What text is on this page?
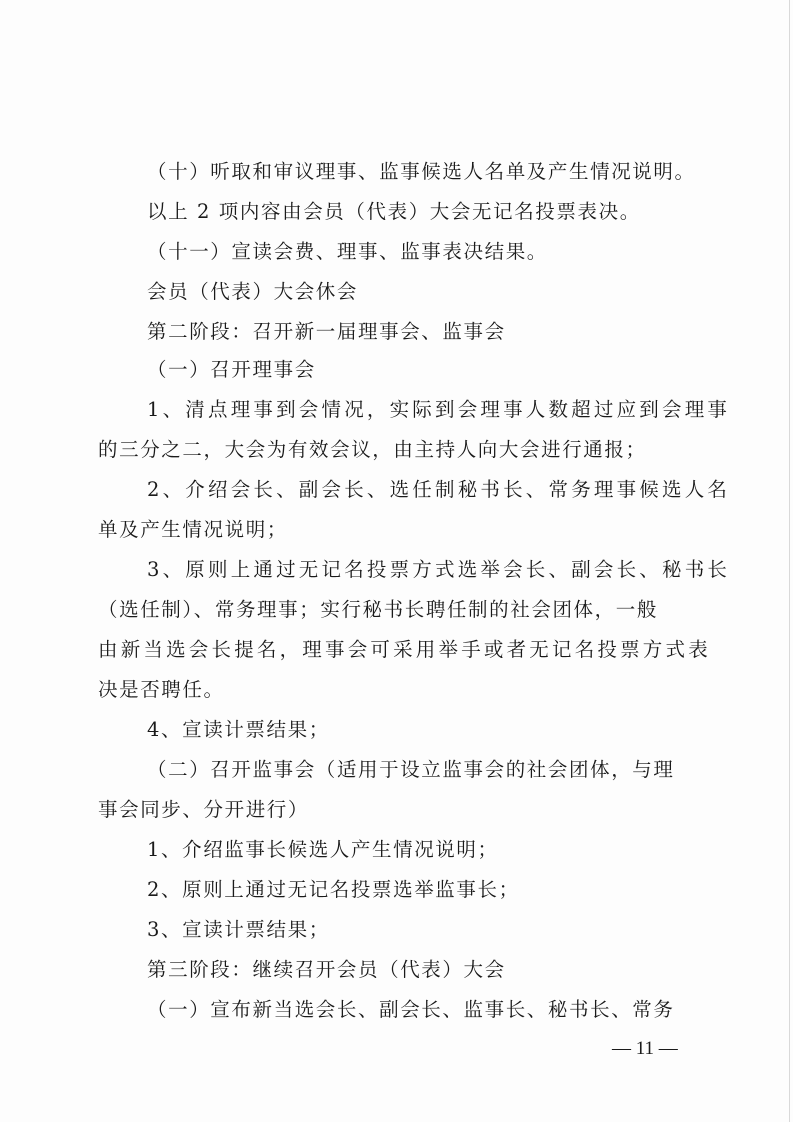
（十）听取和审议理事、监事候选人名单及产生情况说明。
以上 2 项内容由会员（代表）大会无记名投票表决。
（十一）宣读会费、理事、监事表决结果。
会员（代表）大会休会
第二阶段：召开新一届理事会、监事会
（一）召开理事会
1、清点理事到会情况，实际到会理事人数超过应到会理事
的三分之二，大会为有效会议，由主持人向大会进行通报；
2、介绍会长、副会长、选任制秘书长、常务理事候选人名
单及产生情况说明；
3、原则上通过无记名投票方式选举会长、副会长、秘书长
（选任制）、常务理事；实行秘书长聘任制的社会团体，一般
由新当选会长提名，理事会可采用举手或者无记名投票方式表
决是否聘任。
4、宣读计票结果；
（二）召开监事会（适用于设立监事会的社会团体，与理
事会同步、分开进行）
1、介绍监事长候选人产生情况说明；
2、原则上通过无记名投票选举监事长；
3、宣读计票结果；
第三阶段：继续召开会员（代表）大会
（一）宣布新当选会长、副会长、监事长、秘书长、常务
— 11 —
